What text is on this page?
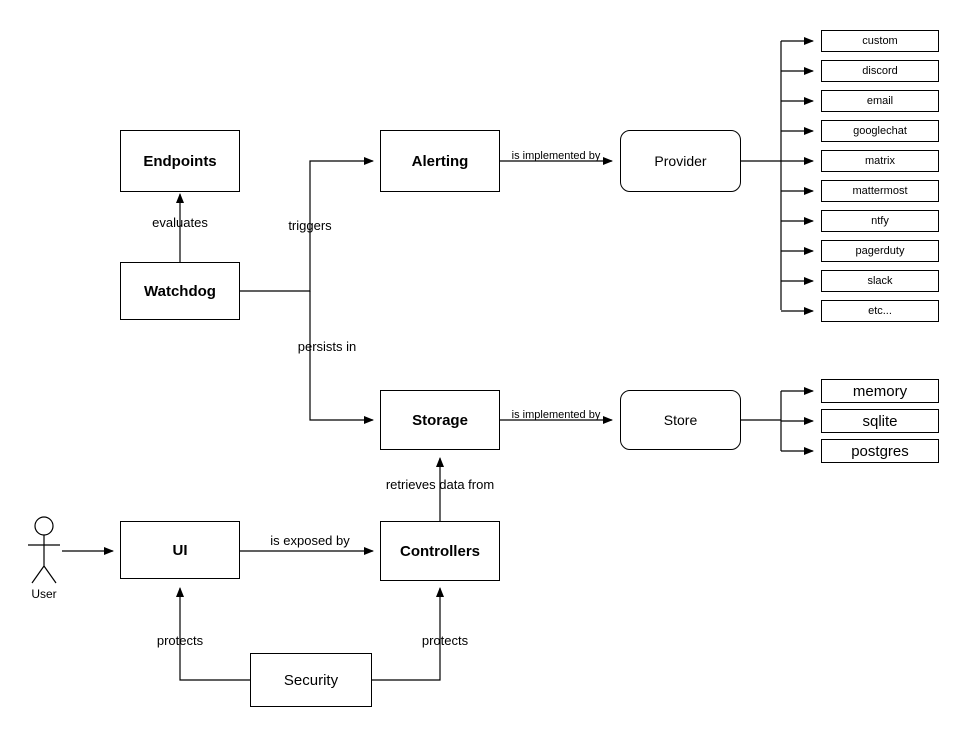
Endpoints
Watchdog
Alerting	Provider
Storage	Store
UI	Controllers
Security
custom
discord
email
googlechat
matrix
mattermost
ntfy
pagerduty
slack
etc...
memory
sqlite
postgres
evaluates	triggers
persists in
is implemented by
is implemented by
retrieves data from
is exposed by
protects	protects
User
